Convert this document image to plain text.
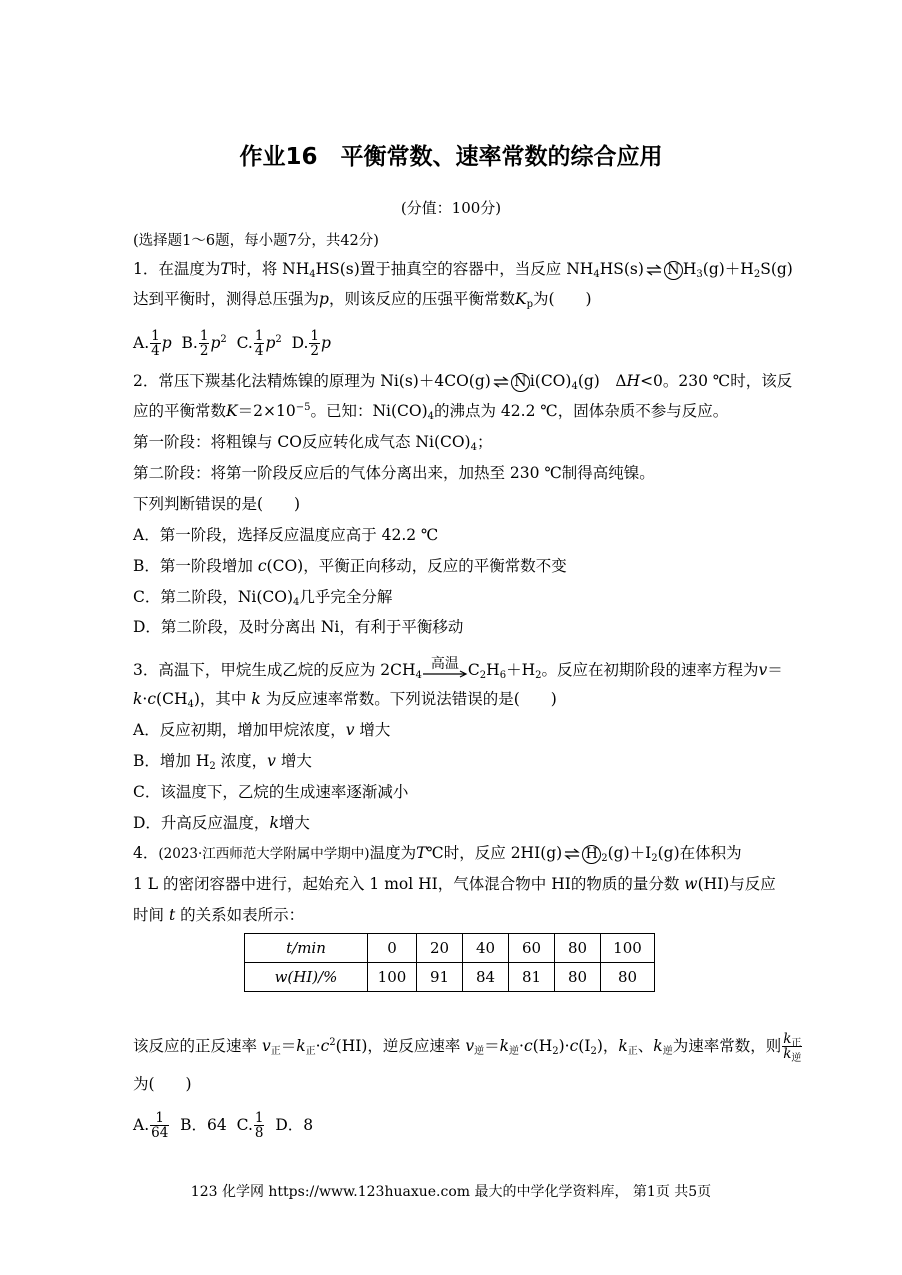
作业16　平衡常数、速率常数的综合应用
(分值：100分)
(选择题1～6题，每小题7分，共42分)
1．在温度为T时，将 $NH_4HS(s)$置于抽真空的容器中，当反应 $NH_4HS(s)$ ⇌ N $H_3(g)+H_2S(g)$
达到平衡时，测得总压强为p，则该反应的压强平衡常数$K_p$为(　　)
A. $\frac{1}{4}$ p B. $\frac{1}{2} p^2$ C. $\frac{1}{4} p^2$ D. $\frac{1}{2}$ p
2．常压下羰基化法精炼镍的原理为 Ni(s)＋4CO(g) ⇌ N $i(CO)_4(g)$　ΔH<0。230 ℃时，该反
应的平衡常数$K=2\times 10^{-5}$。已知：$Ni(CO)_4$的沸点为 42.2 ℃，固体杂质不参与反应。
第一阶段：将粗镍与 CO反应转化成气态 $Ni(CO)_4$；
第二阶段：将第一阶段反应后的气体分离出来，加热至 230 ℃制得高纯镍。
下列判断错误的是(　　)
A．第一阶段，选择反应温度应高于 42.2 ℃
B．第一阶段增加 c(CO)，平衡正向移动，反应的平衡常数不变
C．第二阶段，$Ni(CO)_4$几乎完全分解
D．第二阶段，及时分离出 Ni，有利于平衡移动
3．高温下，甲烷生成乙烷的反应为 $2CH_4$
高温 $C_2H_6+H_2$。反应在初期阶段的速率方程为v＝
$k\cdot c(CH_4)$，其中 k 为反应速率常数。下列说法错误的是(　　)
A．反应初期，增加甲烷浓度，v 增大
B．增加 $H_2$ 浓度，v 增大
C．该温度下，乙烷的生成速率逐渐减小
D．升高反应温度，k增大
4．(2023·江西师范大学附属中学期中)温度为T℃时，反应 2HI(g) ⇌ H $_2(g)+I_2(g)$在体积为
1 L 的密闭容器中进行，起始充入 1 mol HI，气体混合物中 HI的物质的量分数 w(HI)与反应
时间 t 的关系如表所示：
t/min	0	20	40	60	80	100
w(HI)/%	100	91	84	81	80	80
该反应的正反速率 $v_正=k_正\cdot c^2(HI)$，逆反应速率 $v_逆=k_逆\cdot c(H_2)\cdot c(I_2)$，$k_正$、$k_逆$为速率常数，则 $\frac{k_正}{k_逆}$
为(　　)
A. $\frac{1}{64}$ B．64 C. $\frac{1}{8}$ D．8
123 化学网 https://www.123huaxue.com 最大的中学化学资料库， 第1页 共5页
